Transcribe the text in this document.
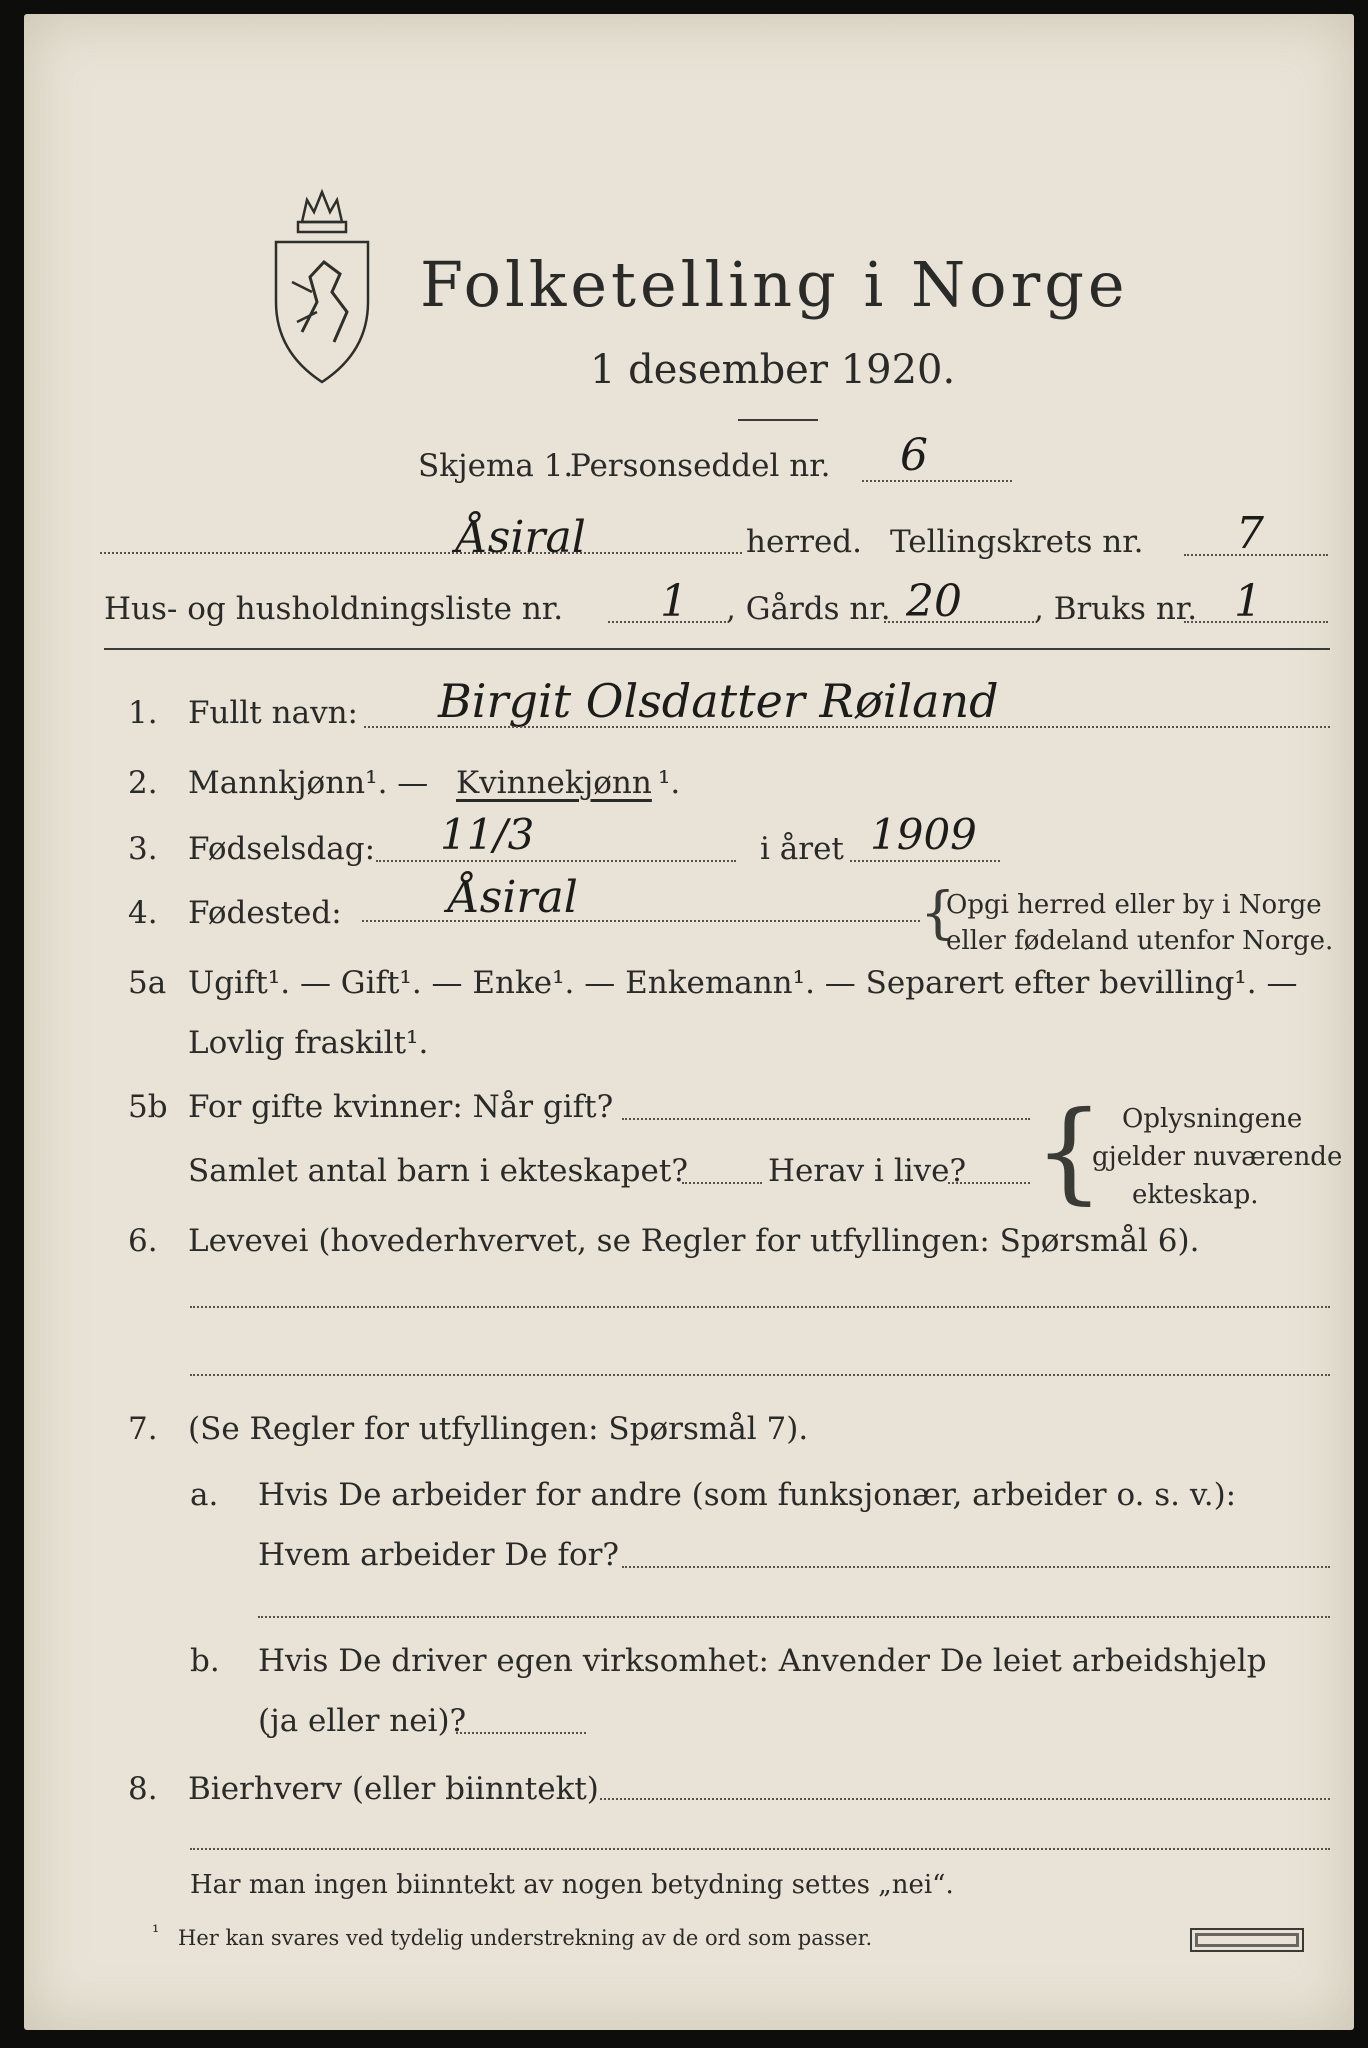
Folketelling i Norge
1 desember 1920.
Skjema 1.
Personseddel nr. 6
Åsiral	herred. Tellingskrets nr. 7
Hus- og husholdningsliste nr. 1 , Gårds nr. 20 , Bruks nr. 1
1. Fullt navn: Birgit Olsdatter Røiland
2. Mannkjønn¹. — Kvinnekjønn ¹.
3. Fødselsdag: 11/3	i året 1909
4. Fødested: Åsiral	{
Opgi herred eller by i Norge
eller fødeland utenfor Norge.
5a Ugift¹. — Gift¹. — Enke¹. — Enkemann¹. — Separert efter bevilling¹. —
Lovlig fraskilt¹.
5b For gifte kvinner: Når gift?
Samlet antal barn i ekteskapet?	Herav i live? { Oplysningene
gjelder nuværende
ekteskap.
6. Levevei (hovederhvervet, se Regler for utfyllingen: Spørsmål 6).
7. (Se Regler for utfyllingen: Spørsmål 7).
a. Hvis De arbeider for andre (som funksjonær, arbeider o. s. v.):
Hvem arbeider De for?
b. Hvis De driver egen virksomhet: Anvender De leiet arbeidshjelp
(ja eller nei)?
8. Bierhverv (eller biinntekt)
Har man ingen biinntekt av nogen betydning settes „nei“.
¹ Her kan svares ved tydelig understrekning av de ord som passer.
